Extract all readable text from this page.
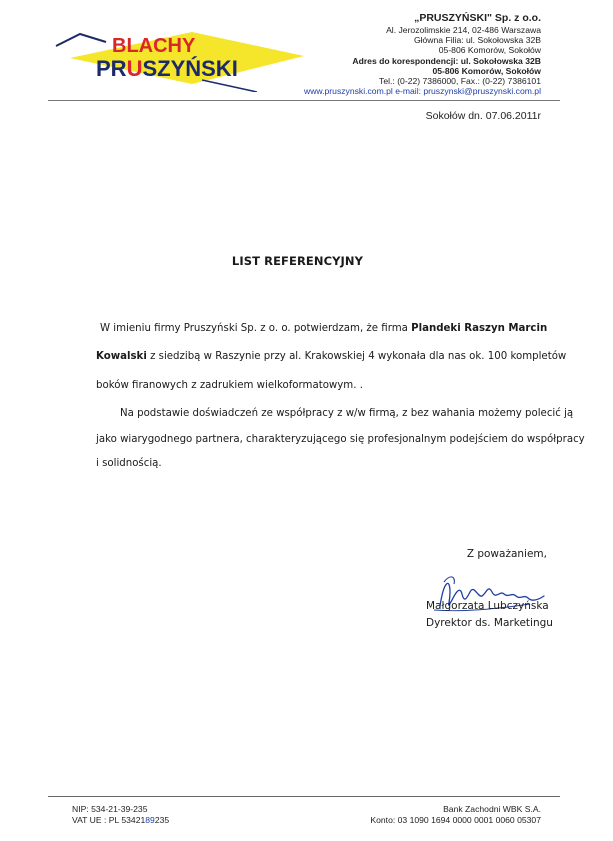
BLACHY
PRUSZYŃSKI
„PRUSZYŃSKI" Sp. z o.o.
Al. Jerozolimskie 214, 02-486 Warszawa
Główna Filia: ul. Sokołowska 32B
05-806 Komorów, Sokołów
Adres do korespondencji: ul. Sokołowska 32B
05-806 Komorów, Sokołów
Tel.: (0-22) 7386000, Fax.: (0-22) 7386101
www.pruszynski.com.pl e-mail: pruszynski@pruszynski.com.pl
Sokołów dn. 07.06.2011r
LIST REFERENCYJNY
W imieniu firmy Pruszyński Sp. z o. o. potwierdzam, że firma Plandeki Raszyn Marcin
Kowalski z siedzibą w Raszynie przy al. Krakowskiej 4 wykonała dla nas ok. 100 kompletów
boków firanowych z zadrukiem wielkoformatowym. .
Na podstawie doświadczeń ze współpracy z w/w firmą, z bez wahania możemy polecić ją
jako wiarygodnego partnera, charakteryzującego się profesjonalnym podejściem do współpracy
i solidnością.
Z poważaniem,
Małgorzata Lubczyńska
Dyrektor ds. Marketingu
NIP: 534-21-39-235
VAT UE : PL 5342189235
Bank Zachodni WBK S.A.
Konto: 03 1090 1694 0000 0001 0060 05307
